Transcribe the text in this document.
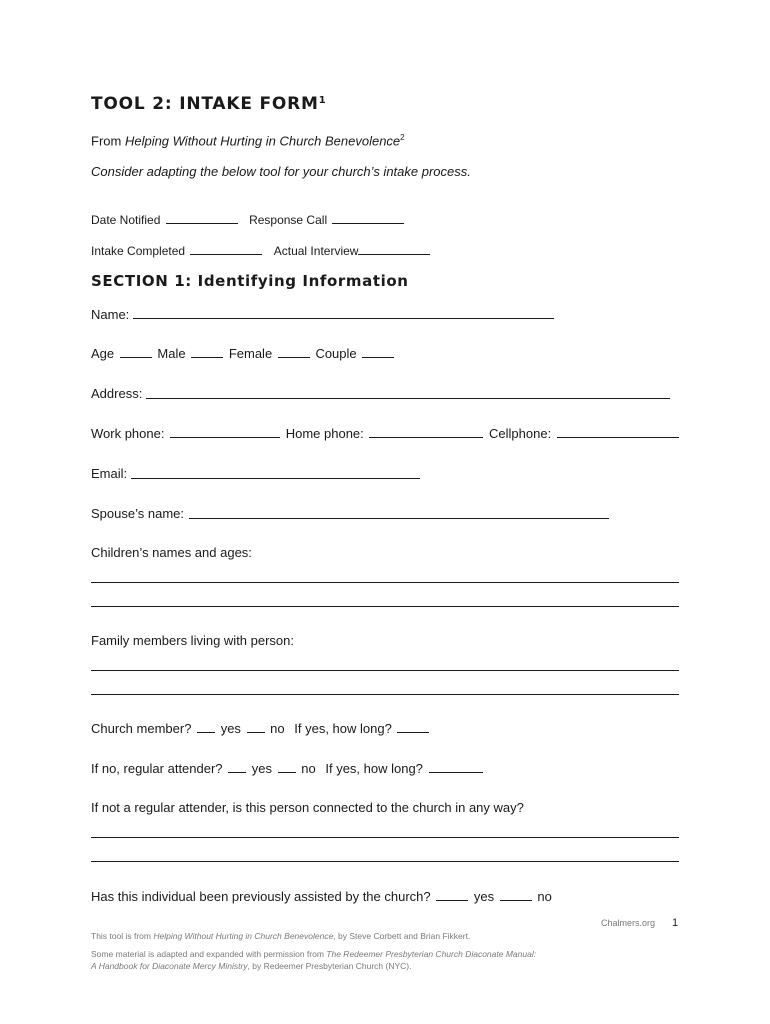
TOOL 2: INTAKE FORM$^1$
From Helping Without Hurting in Church Benevolence$^2$
Consider adapting the below tool for your church’s intake process.
Date Notified	Response Call
Intake Completed	Actual Interview
SECTION 1: Identifying Information
Name:
Age	Male	Female	Couple
Address:
Work phone:	Home phone:	Cellphone:
Email:
Spouse’s name:
Children’s names and ages:
Family members living with person:
Church member? yes no If yes, how long?
If no, regular attender? yes no If yes, how long?
If not a regular attender, is this person connected to the church in any way?
Has this individual been previously assisted by the church?	yes	no
Chalmers.org 1
This tool is from Helping Without Hurting in Church Benevolence, by Steve Corbett and Brian Fikkert.
Some material is adapted and expanded with permission from The Redeemer Presbyterian Church Diaconate Manual:
A Handbook for Diaconate Mercy Ministry, by Redeemer Presbyterian Church (NYC).
